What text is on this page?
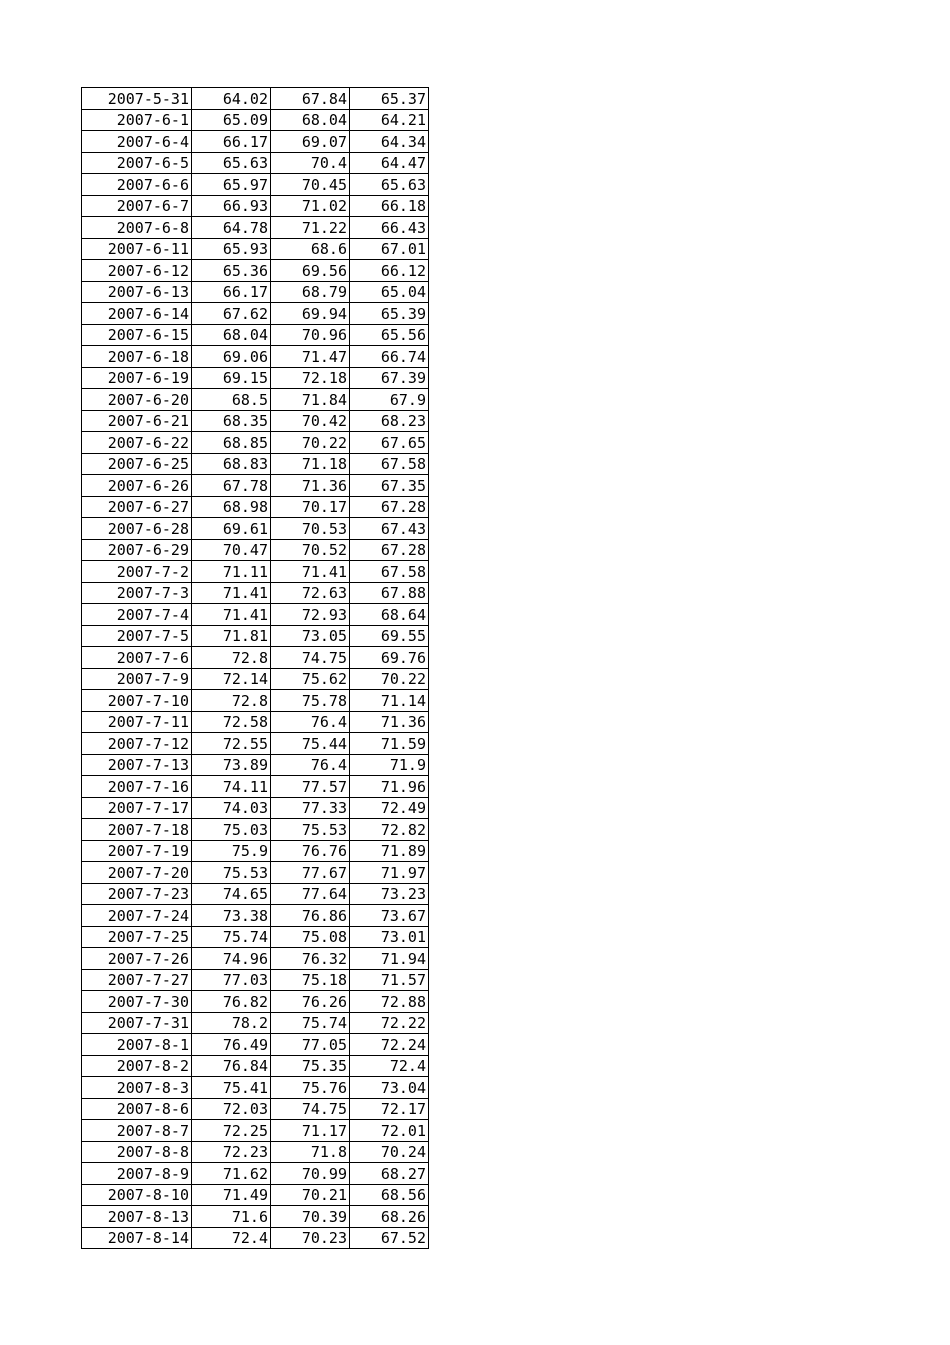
2007-5-31	64.02	67.84	65.37
2007-6-1	65.09	68.04	64.21
2007-6-4	66.17	69.07	64.34
2007-6-5	65.63	70.4	64.47
2007-6-6	65.97	70.45	65.63
2007-6-7	66.93	71.02	66.18
2007-6-8	64.78	71.22	66.43
2007-6-11	65.93	68.6	67.01
2007-6-12	65.36	69.56	66.12
2007-6-13	66.17	68.79	65.04
2007-6-14	67.62	69.94	65.39
2007-6-15	68.04	70.96	65.56
2007-6-18	69.06	71.47	66.74
2007-6-19	69.15	72.18	67.39
2007-6-20	68.5	71.84	67.9
2007-6-21	68.35	70.42	68.23
2007-6-22	68.85	70.22	67.65
2007-6-25	68.83	71.18	67.58
2007-6-26	67.78	71.36	67.35
2007-6-27	68.98	70.17	67.28
2007-6-28	69.61	70.53	67.43
2007-6-29	70.47	70.52	67.28
2007-7-2	71.11	71.41	67.58
2007-7-3	71.41	72.63	67.88
2007-7-4	71.41	72.93	68.64
2007-7-5	71.81	73.05	69.55
2007-7-6	72.8	74.75	69.76
2007-7-9	72.14	75.62	70.22
2007-7-10	72.8	75.78	71.14
2007-7-11	72.58	76.4	71.36
2007-7-12	72.55	75.44	71.59
2007-7-13	73.89	76.4	71.9
2007-7-16	74.11	77.57	71.96
2007-7-17	74.03	77.33	72.49
2007-7-18	75.03	75.53	72.82
2007-7-19	75.9	76.76	71.89
2007-7-20	75.53	77.67	71.97
2007-7-23	74.65	77.64	73.23
2007-7-24	73.38	76.86	73.67
2007-7-25	75.74	75.08	73.01
2007-7-26	74.96	76.32	71.94
2007-7-27	77.03	75.18	71.57
2007-7-30	76.82	76.26	72.88
2007-7-31	78.2	75.74	72.22
2007-8-1	76.49	77.05	72.24
2007-8-2	76.84	75.35	72.4
2007-8-3	75.41	75.76	73.04
2007-8-6	72.03	74.75	72.17
2007-8-7	72.25	71.17	72.01
2007-8-8	72.23	71.8	70.24
2007-8-9	71.62	70.99	68.27
2007-8-10	71.49	70.21	68.56
2007-8-13	71.6	70.39	68.26
2007-8-14	72.4	70.23	67.52
